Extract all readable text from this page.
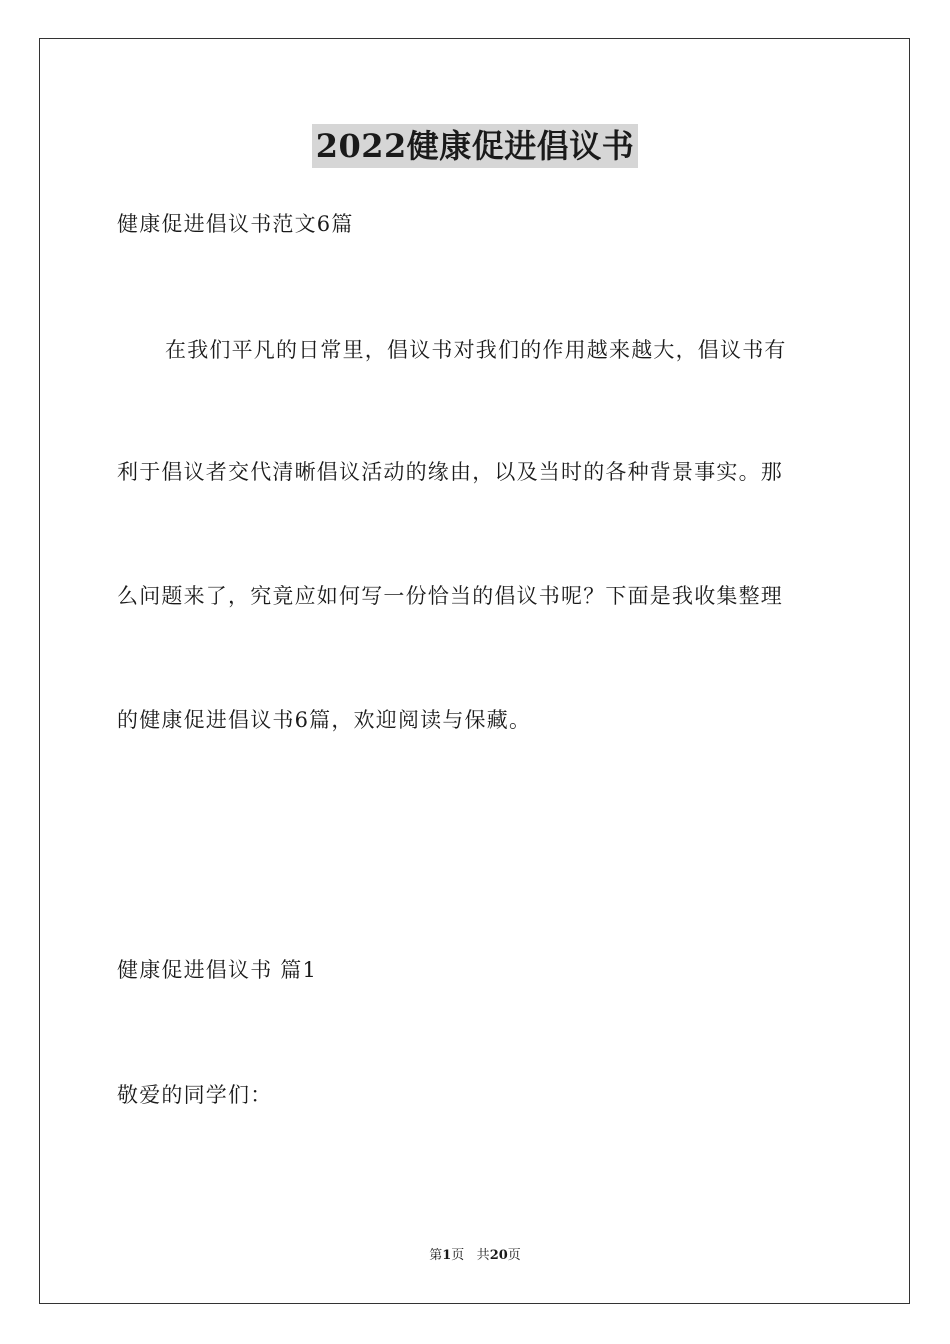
2022健康促进倡议书
健康促进倡议书范文6篇
在我们平凡的日常里，倡议书对我们的作用越来越大，倡议书有
利于倡议者交代清晰倡议活动的缘由，以及当时的各种背景事实。那
么问题来了，究竟应如何写一份恰当的倡议书呢？下面是我收集整理
的健康促进倡议书6篇，欢迎阅读与保藏。
健康促进倡议书 篇1
敬爱的同学们：
第1页 共20页
